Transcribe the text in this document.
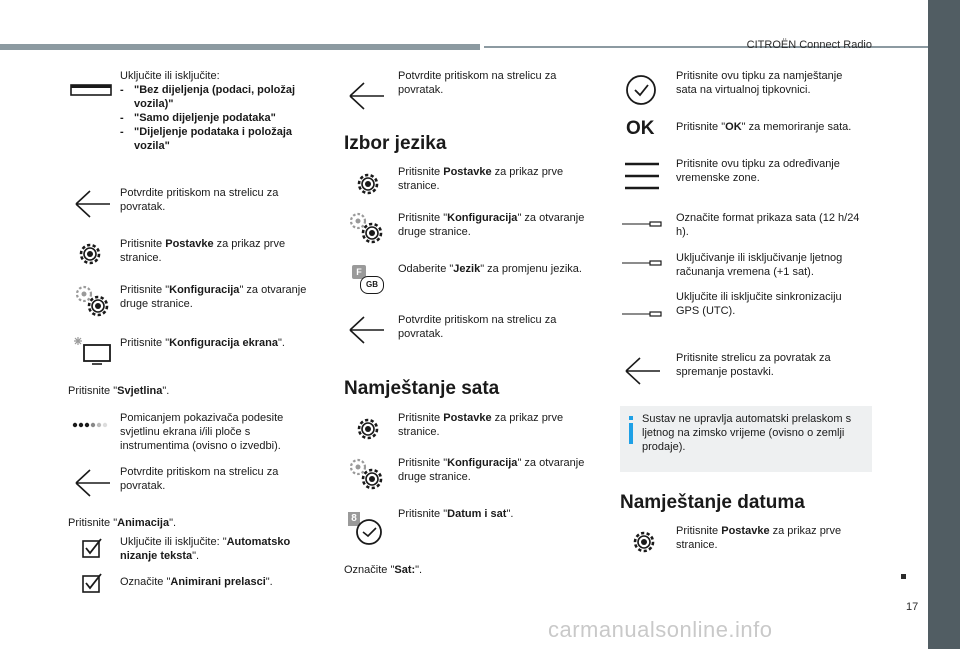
CITROËN Connect Radio
17
carmanualsonline.info
Uključite ili isključite:
- "Bez dijeljenja (podaci, položaj vozila)"
- "Samo dijeljenje podataka"
- "Dijeljenje podataka i položaja vozila"
Potvrdite pritiskom na strelicu za povratak.
Pritisnite Postavke za prikaz prve stranice.
Pritisnite "Konfiguracija" za otvaranje druge stranice.
Pritisnite "Konfiguracija ekrana".
Pritisnite "Svjetlina".
Pomicanjem pokazivača podesite svjetlinu ekrana i/ili ploče s instrumentima (ovisno o izvedbi).
Potvrdite pritiskom na strelicu za povratak.
Pritisnite "Animacija".
Uključite ili isključite: "Automatsko nizanje teksta".
Označite "Animirani prelasci".
Potvrdite pritiskom na strelicu za povratak.
Izbor jezika
Pritisnite Postavke za prikaz prve stranice.
Pritisnite "Konfiguracija" za otvaranje druge stranice.
F
GB
Odaberite "Jezik" za promjenu jezika.
Potvrdite pritiskom na strelicu za povratak.
Namještanje sata
Pritisnite Postavke za prikaz prve stranice.
Pritisnite "Konfiguracija" za otvaranje druge stranice.
8	Pritisnite "Datum i sat".
Označite "Sat:".
Pritisnite ovu tipku za namještanje sata na virtualnoj tipkovnici.
OK Pritisnite "OK" za memoriranje sata.
Pritisnite ovu tipku za određivanje vremenske zone.
Označite format prikaza sata (12 h/24 h).
Uključivanje ili isključivanje ljetnog računanja vremena (+1 sat).
Uključite ili isključite sinkronizaciju GPS (UTC).
Pritisnite strelicu za povratak za spremanje postavki.
Sustav ne upravlja automatski prelaskom s ljetnog na zimsko vrijeme (ovisno o zemlji prodaje).
Namještanje datuma
Pritisnite Postavke za prikaz prve stranice.
